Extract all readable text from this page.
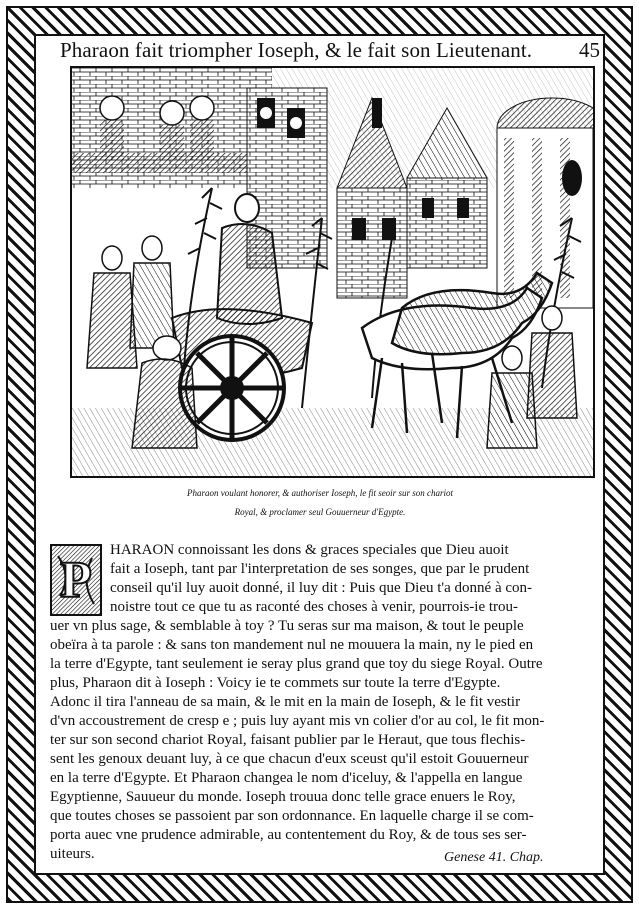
Pharaon fait triompher Ioseph, & le fait son Lieutenant. 45
Pharaon voulant honorer, & authoriser Ioseph, le fit seoir sur son chariot
Royal, & proclamer seul Gouuerneur d'Egypte.
P
HARAON connoissant les dons & graces speciales que Dieu auoit
fait a Ioseph, tant par l'interpretation de ses songes, que par le prudent
conseil qu'il luy auoit donné, il luy dit : Puis que Dieu t'a donné à con-
noistre tout ce que tu as raconté des choses à venir, pourrois-ie trou-
uer vn plus sage, & semblable à toy ? Tu seras sur ma maison, & tout le peuple
obeïra à ta parole : & sans ton mandement nul ne mouuera la main, ny le pied en
la terre d'Egypte, tant seulement ie seray plus grand que toy du siege Royal. Outre
plus, Pharaon dit à Ioseph : Voicy ie te commets sur toute la terre d'Egypte.
Adonc il tira l'anneau de sa main, & le mit en la main de Ioseph, & le fit vestir
d'vn accoustrement de cresp e ; puis luy ayant mis vn colier d'or au col, le fit mon-
ter sur son second chariot Royal, faisant publier par le Heraut, que tous flechis-
sent les genoux deuant luy, à ce que chacun d'eux sceust qu'il estoit Gouuerneur
en la terre d'Egypte. Et Pharaon changea le nom d'iceluy, & l'appella en langue
Egyptienne, Sauueur du monde. Ioseph trouua donc telle grace enuers le Roy,
que toutes choses se passoient par son ordonnance. En laquelle charge il se com-
porta auec vne prudence admirable, au contentement du Roy, & de tous ses ser-
uiteurs.	Genese 41. Chap.
